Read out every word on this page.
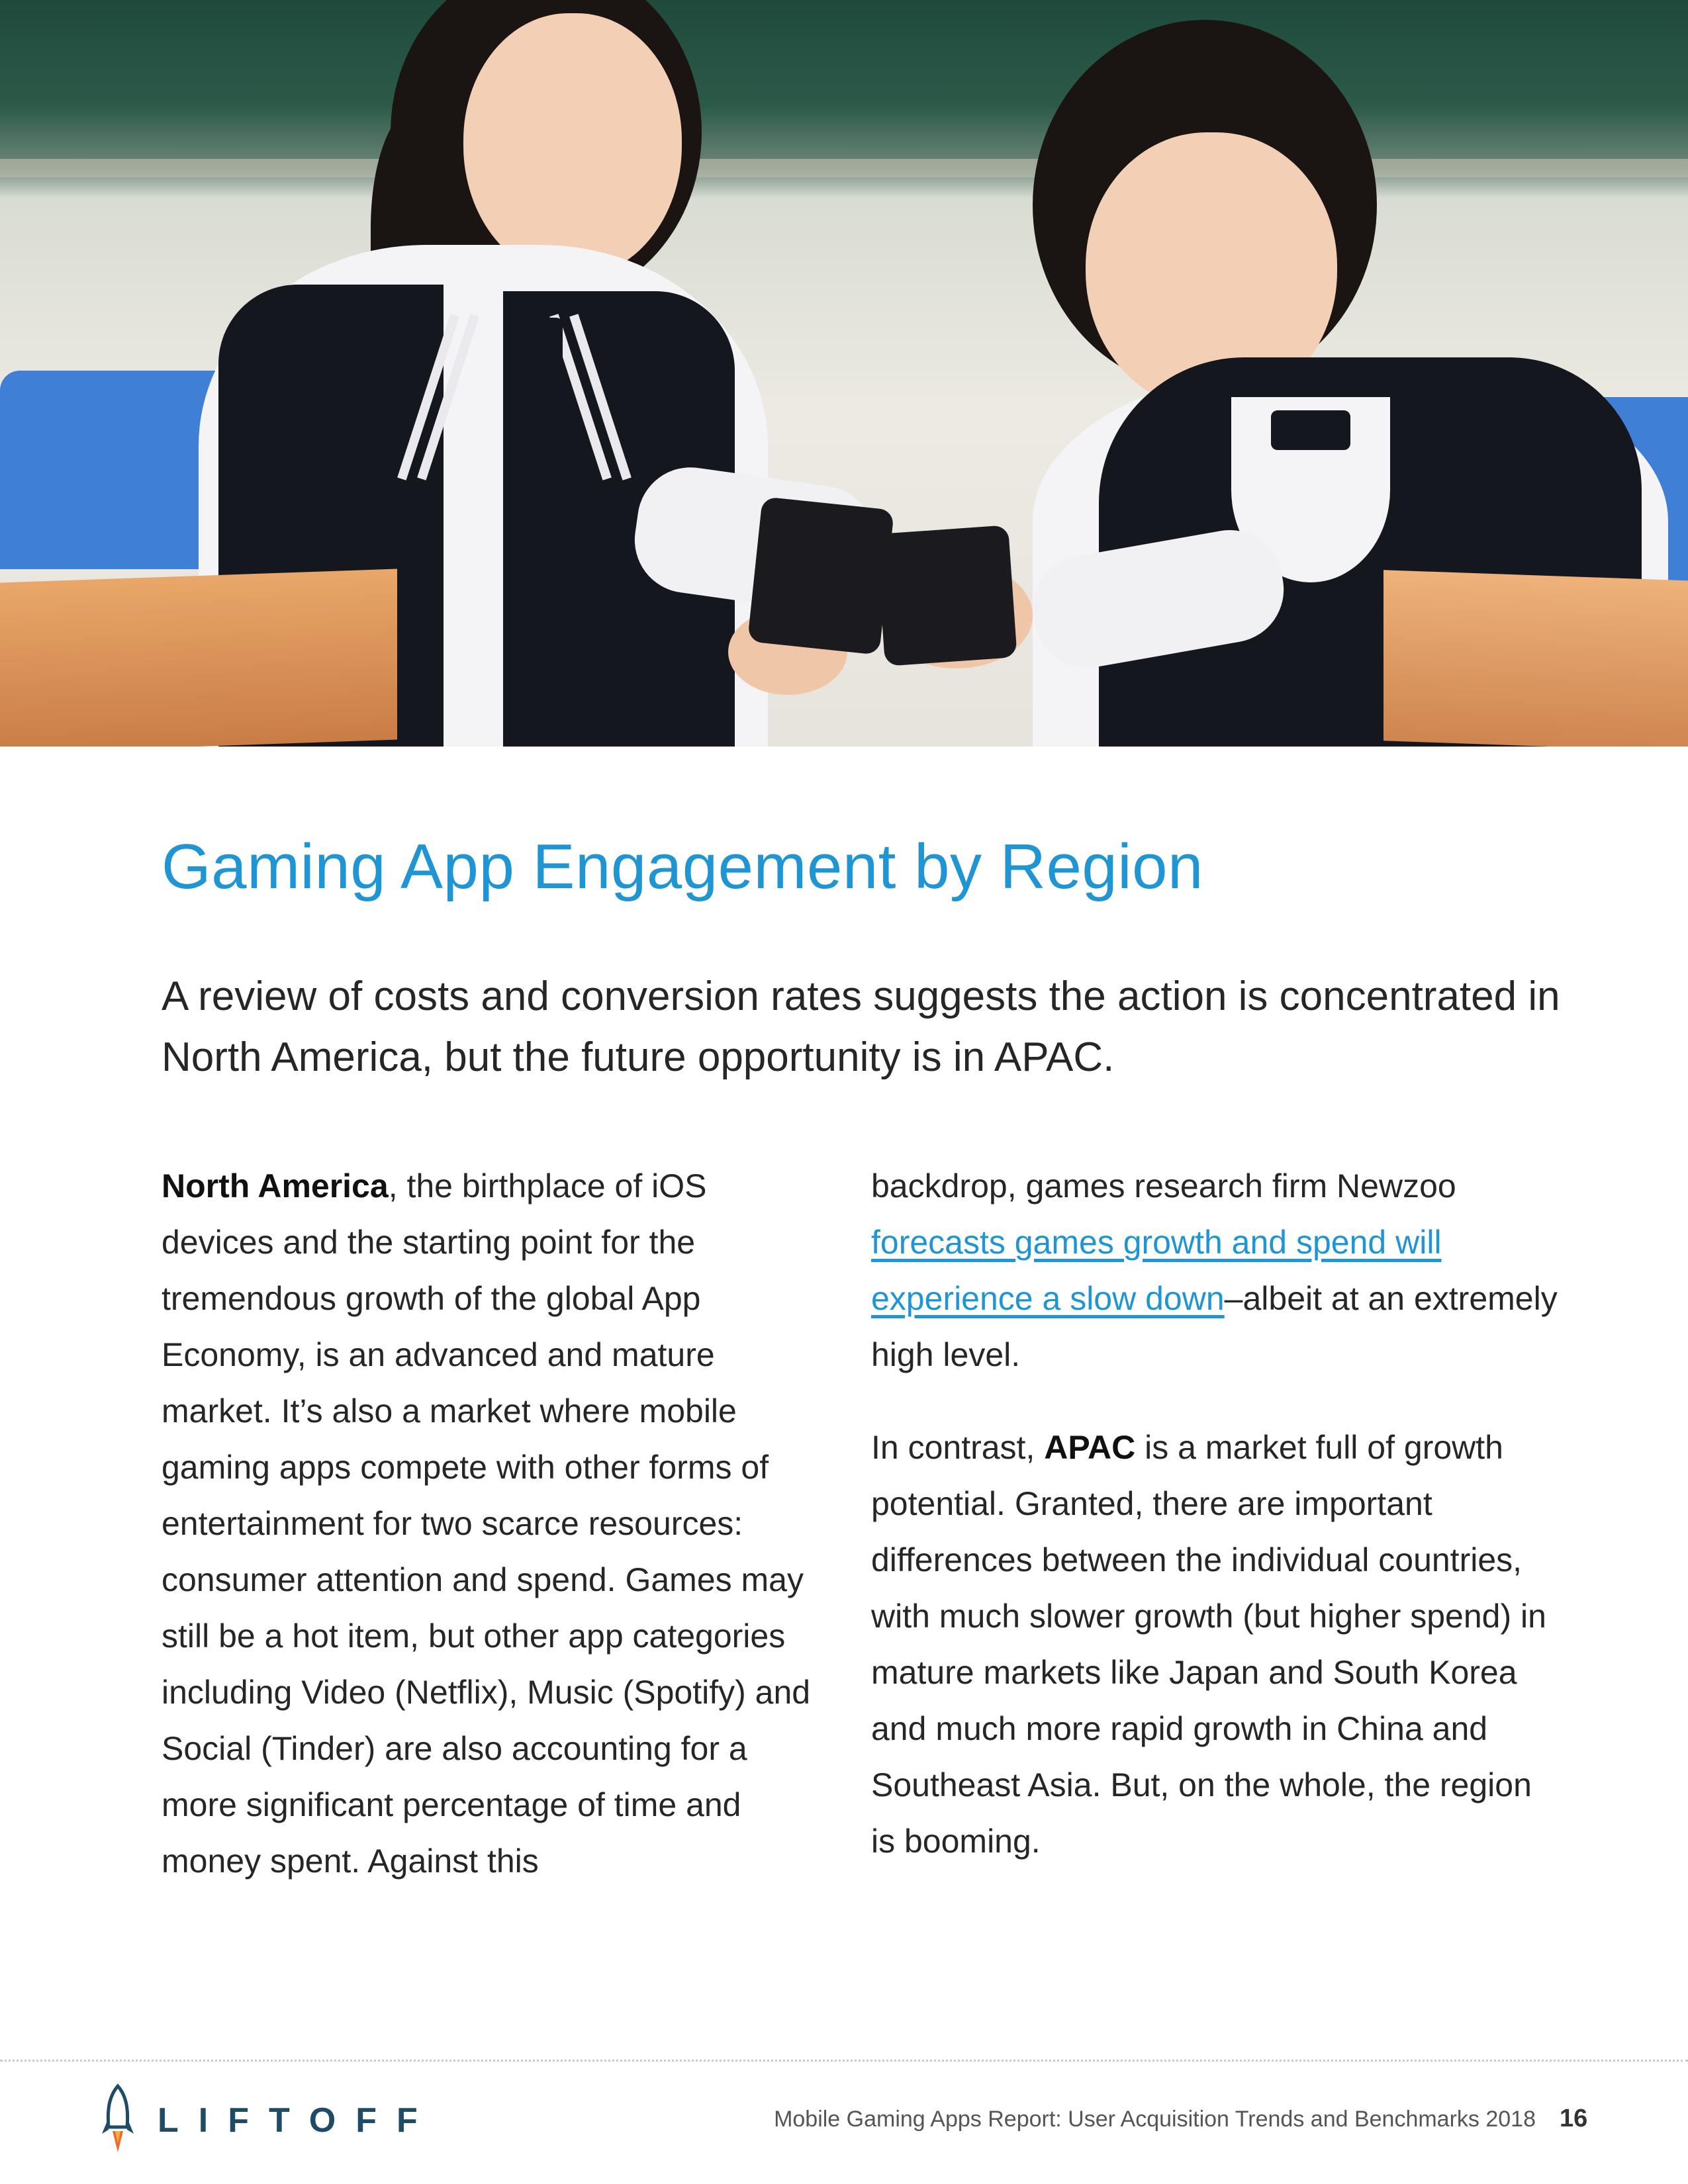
Gaming App Engagement by Region

A review of costs and conversion rates suggests the action is concentrated in North America, but the future opportunity is in APAC.

North America, the birthplace of iOS devices and the starting point for the tremendous growth of the global App Economy, is an advanced and mature market. It’s also a market where mobile gaming apps compete with other forms of entertainment for two scarce resources: consumer attention and spend. Games may still be a hot item, but other app categories including Video (Netflix), Music (Spotify) and Social (Tinder) are also accounting for a more significant percentage of time and money spent. Against this

backdrop, games research firm Newzoo forecasts games growth and spend will experience a slow down–albeit at an extremely high level.

In contrast, APAC is a market full of growth potential. Granted, there are important differences between the individual countries, with much slower growth (but higher spend) in mature markets like Japan and South Korea and much more rapid growth in China and Southeast Asia. But, on the whole, the region is booming.

LIFTOFF	Mobile Gaming Apps Report: User Acquisition Trends and Benchmarks 2018 16
